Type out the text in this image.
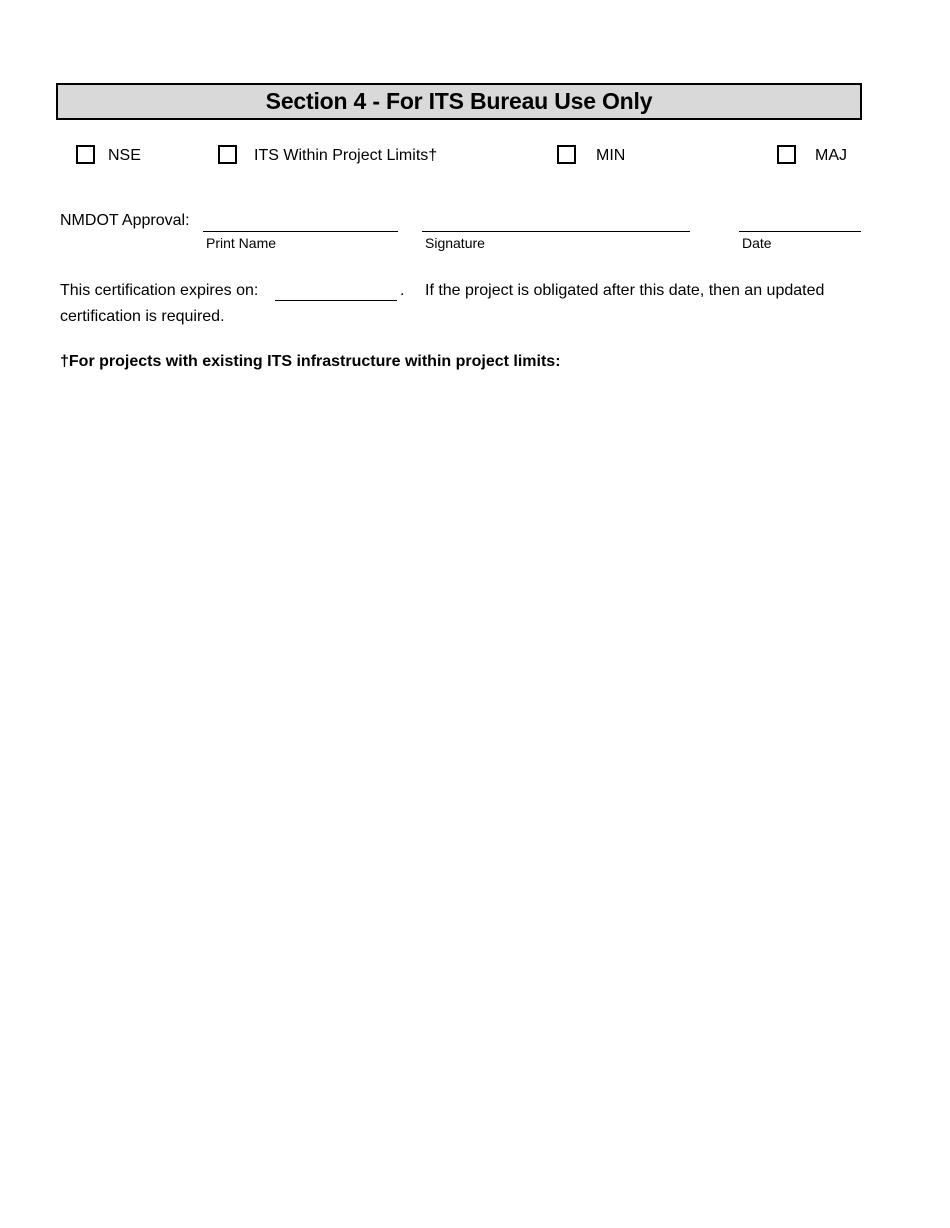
Section 4 - For ITS Bureau Use Only
NSE	ITS Within Project Limits†	MIN	MAJ
NMDOT Approval:
Print Name	Signature	Date
This certification expires on:	. If the project is obligated after this date, then an updated
certification is required.
†For projects with existing ITS infrastructure within project limits:
